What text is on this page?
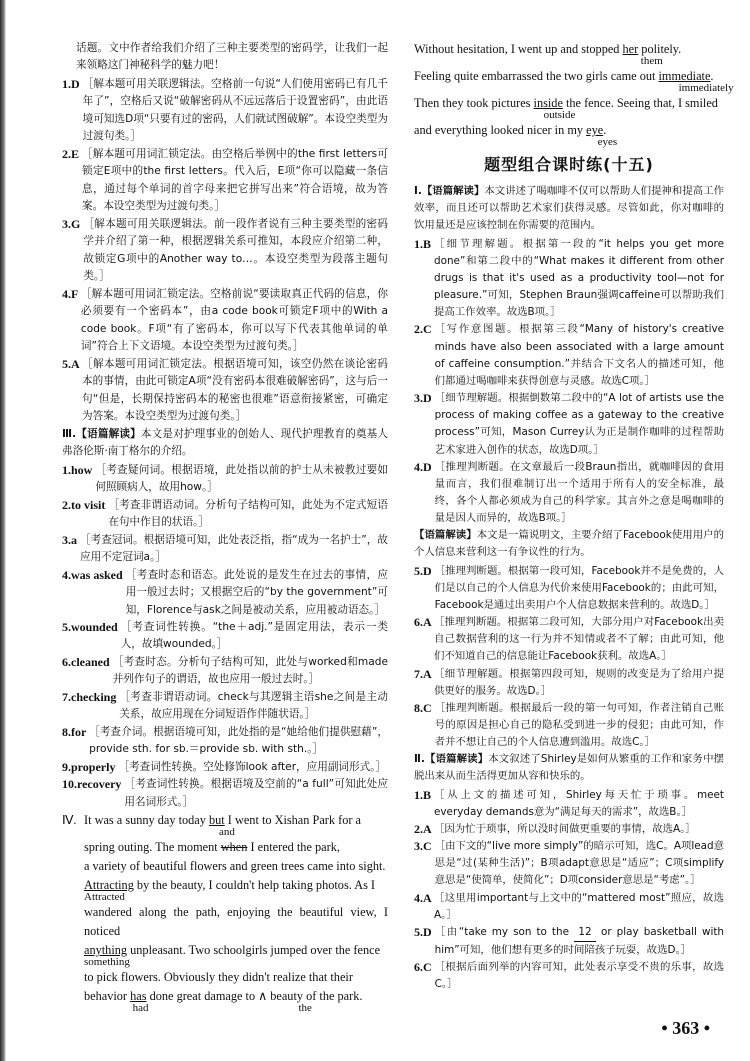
话题。文中作者给我们介绍了三种主要类型的密码学，让我们一起来领略这门神秘科学的魅力吧！

1.D ［解本题可用关联逻辑法。空格前一句说“人们使用密码已有几千年了”，空格后又说“破解密码从不远远落后于设置密码”，由此语境可知选D项“只要有过的密码，人们就试图破解”。本设空类型为过渡句类。］
2.E ［解本题可用词汇锁定法。由空格后举例中的the first letters可锁定E项中的the first letters。代入后，E项“你可以隐藏一条信息，通过每个单词的首字母来把它拼写出来”符合语境，故为答案。本设空类型为过渡句类。］
3.G ［解本题可用关联逻辑法。前一段作者说有三种主要类型的密码学并介绍了第一种，根据逻辑关系可推知，本段应介绍第二种，故锁定G项中的Another way to…。本设空类型为段落主题句类。］
4.F ［解本题可用词汇锁定法。空格前说“要读取真正代码的信息，你必须要有一个密码本”，由a code book可锁定F项中的With a code book。F项“有了密码本，你可以写下代表其他单词的单词”符合上下文语境。本设空类型为过渡句类。］
5.A ［解本题可用词汇锁定法。根据语境可知，该空仍然在谈论密码本的事情，由此可锁定A项“没有密码本很难破解密码”，这与后一句“但是，长期保持密码本的秘密也很难”语意衔接紧密，可确定为答案。本设空类型为过渡句类。］

Ⅲ.【语篇解读】本文是对护理事业的创始人、现代护理教育的奠基人弗洛伦斯·南丁格尔的介绍。

1.how ［考查疑问词。根据语境，此处指以前的护士从未被教过要如何照顾病人，故用how。］
2.to visit ［考查非谓语动词。分析句子结构可知，此处为不定式短语在句中作目的状语。］
3.a ［考查冠词。根据语境可知，此处表泛指，指“成为一名护士”，故应用不定冠词a。］
4.was asked ［考查时态和语态。此处说的是发生在过去的事情，应用一般过去时；又根据空后的“by the government”可知，Florence与ask之间是被动关系，应用被动语态。］
5.wounded ［考查词性转换。“the＋adj.”是固定用法，表示一类人，故填wounded。］
6.cleaned ［考查时态。分析句子结构可知，此处与worked和made并列作句子的谓语，故也应用一般过去时。］
7.checking ［考查非谓语动词。check与其逻辑主语she之间是主动关系，故应用现在分词短语作伴随状语。］
8.for ［考查介词。根据语境可知，此处指的是“她给他们提供慰藉”，provide sth. for sb.＝provide sb. with sth.。］
9.properly ［考查词性转换。空处修饰look after，应用副词形式。］
10.recovery ［考查词性转换。根据语境及空前的“a full”可知此处应用名词形式。］
Ⅳ. It was a sunny day today but I went to Xishan Park for a
and
spring outing. The moment when I entered the park,
a variety of beautiful flowers and green trees came into sight.
Attracting by the beauty, I couldn't help taking photos. As I
Attracted
wandered along the path, enjoying the beautiful view, I noticed
anything unpleasant. Two schoolgirls jumped over the fence
something
to pick flowers. Obviously they didn't realize that their
behavior has done great damage to ∧ beauty of the park.
had	the
Without hesitation, I went up and stopped her politely.
them
Feeling quite embarrassed the two girls came out immediate.
immediately
Then they took pictures inside the fence. Seeing that, I smiled
outside
and everything looked nicer in my eye.
eyes
题型组合课时练(十五)

Ⅰ.【语篇解读】本文讲述了喝咖啡不仅可以帮助人们提神和提高工作效率，而且还可以帮助艺术家们获得灵感。尽管如此，你对咖啡的饮用量还是应该控制在你需要的范围内。

1.B ［细节理解题。根据第一段的“it helps you get more done”和第二段中的“What makes it different from other drugs is that it's used as a productivity tool—not for pleasure.”可知，Stephen Braun强调caffeine可以帮助我们提高工作效率。故选B项。］
2.C ［写作意图题。根据第三段“Many of history's creative minds have also been associated with a large amount of caffeine consumption.”并结合下文名人的描述可知，他们都通过喝咖啡来获得创意与灵感。故选C项。］
3.D ［细节理解题。根据倒数第二段中的“A lot of artists use the process of making coffee as a gateway to the creative process”可知，Mason Currey认为正是制作咖啡的过程帮助艺术家进入创作的状态，故选D项。］
4.D ［推理判断题。在文章最后一段Braun指出，就咖啡因的食用量而言，我们很难制订出一个适用于所有人的安全标准，最终，各个人都必须成为自己的科学家。其言外之意是喝咖啡的量是因人而异的，故选B项。］

【语篇解读】本文是一篇说明文，主要介绍了Facebook使用用户的个人信息来营利这一有争议性的行为。

5.D ［推理判断题。根据第一段可知，Facebook并不是免费的，人们是以自己的个人信息为代价来使用Facebook的；由此可知，Facebook是通过出卖用户个人信息数据来营利的。故选D。］
6.A ［推理判断题。根据第二段可知，大部分用户对Facebook出卖自己数据营利的这一行为并不知情或者不了解；由此可知，他们不知道自己的信息能让Facebook获利。故选A。］
7.A ［细节理解题。根据第四段可知，规则的改变是为了给用户提供更好的服务。故选D。］
8.C ［推理判断题。根据最后一段的第一句可知，作者注销自己账号的原因是担心自己的隐私受到进一步的侵犯；由此可知，作者并不想让自己的个人信息遭到滥用。故选C。］

Ⅱ.【语篇解读】本文叙述了Shirley是如何从繁重的工作和家务中摆脱出来从而生活得更加从容和快乐的。

1.B ［从上文的描述可知，Shirley每天忙于琐事。meet everyday demands意为“满足每天的需求”，故选B。］
2.A ［因为忙于琐事，所以没时间做更重要的事情，故选A。］
3.C ［由下文的“live more simply”的暗示可知，选C。A项lead意思是“过(某种生活)”；B项adapt意思是“适应”；C项simplify意思是“使简单，使简化”；D项consider意思是“考虑”。］
4.A ［这里用important与上文中的“mattered most”照应，故选A。］
5.D ［由“take my son to the 12 or play basketball with him”可知，他们想有更多的时间陪孩子玩耍，故选D。］
6.C ［根据后面列举的内容可知，此处表示享受不贵的乐事，故选C。］
• 363 •
